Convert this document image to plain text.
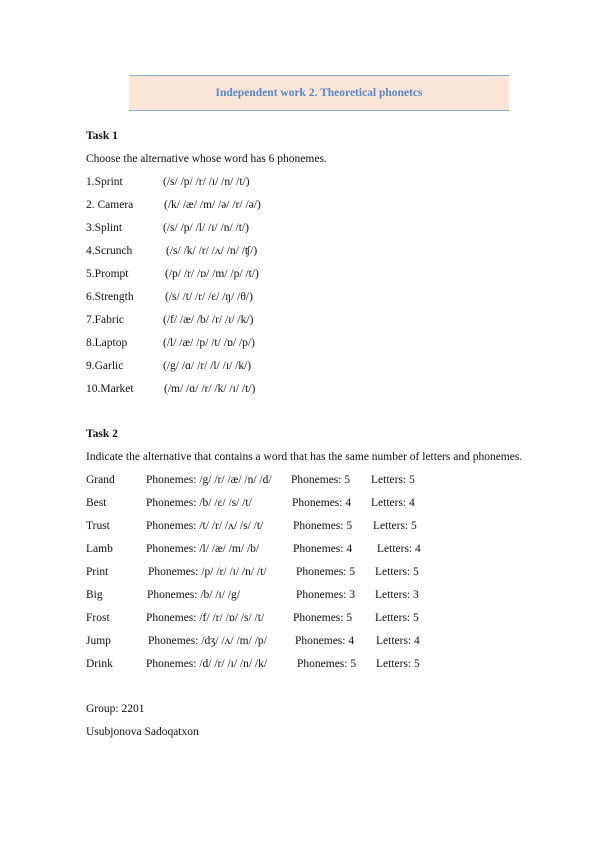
Independent work 2. Theoretical phonetcs
Task 1
Choose the alternative whose word has 6 phonemes.
1.Sprint	(/s/ /p/ /r/ /ɪ/ /n/ /t/)
2. Camera	(/k/ /æ/ /m/ /ə/ /r/ /ə/)
3.Splint	(/s/ /p/ /l/ /ɪ/ /n/ /t/)
4.Scrunch	(/s/ /k/ /r/ /ʌ/ /n/ /ʧ/)
5.Prompt	(/p/ /r/ /ɒ/ /m/ /p/ /t/)
6.Strength	(/s/ /t/ /r/ /ɛ/ /ŋ/ /θ/)
7.Fabric	(/f/ /æ/ /b/ /r/ /ɪ/ /k/)
8.Laptop	(/l/ /æ/ /p/ /t/ /ɒ/ /p/)
9.Garlic	(/g/ /ɑ/ /r/ /l/ /ɪ/ /k/)
10.Market	(/m/ /ɑ/ /r/ /k/ /ɪ/ /t/)
Task 2
Indicate the alternative that contains a word that has the same number of letters and phonemes.
Grand	Phonemes: /g/ /r/ /æ/ /n/ /d/ Phonemes: 5 Letters: 5
Best	Phonemes: /b/ /ɛ/ /s/ /t/	Phonemes: 4 Letters: 4
Trust	Phonemes: /t/ /r/ /ʌ/ /s/ /t/	Phonemes: 5 Letters: 5
Lamb	Phonemes: /l/ /æ/ /m/ /b/	Phonemes: 4 Letters: 4
Print	Phonemes: /p/ /r/ /ɪ/ /n/ /t/	Phonemes: 5 Letters: 5
Big	Phonemes: /b/ /ɪ/ /g/	Phonemes: 3 Letters: 3
Frost	Phonemes: /f/ /r/ /ɒ/ /s/ /t/	Phonemes: 5 Letters: 5
Jump	Phonemes: /dʒ/ /ʌ/ /m/ /p/ Phonemes: 4 Letters: 4
Drink	Phonemes: /d/ /r/ /ɪ/ /n/ /k/	Phonemes: 5 Letters: 5
Group: 2201
Usubjonova Sadoqatxon
